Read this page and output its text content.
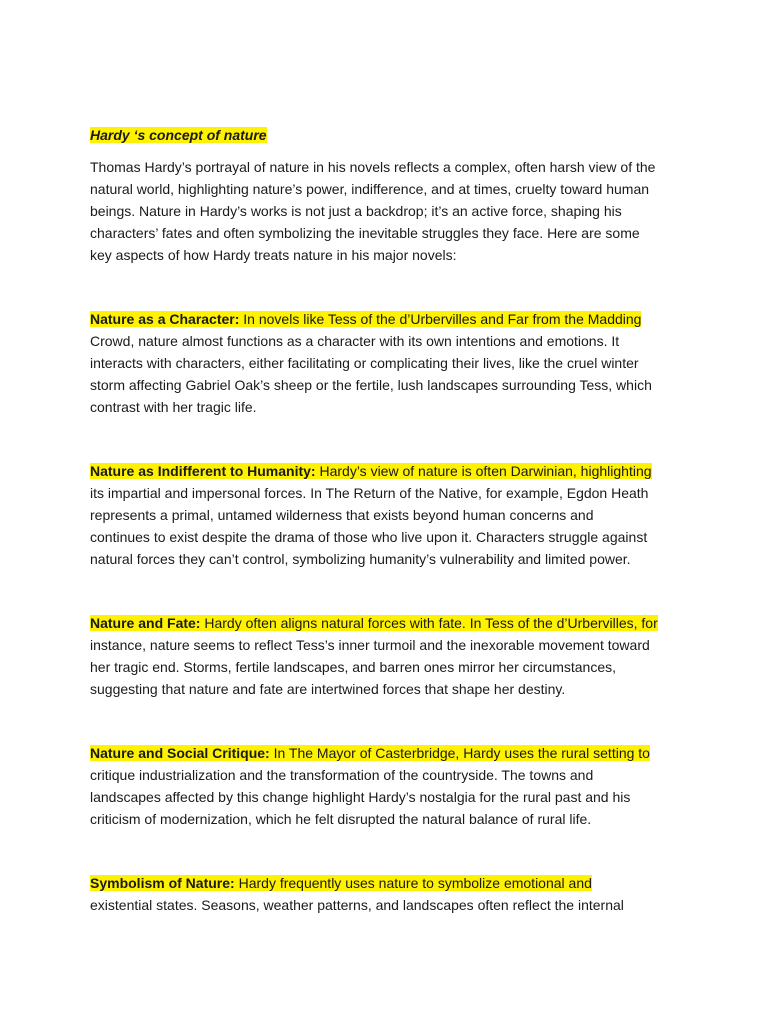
Hardy ‘s concept of nature

Thomas Hardy’s portrayal of nature in his novels reflects a complex, often harsh view of the
natural world, highlighting nature’s power, indifference, and at times, cruelty toward human
beings. Nature in Hardy’s works is not just a backdrop; it’s an active force, shaping his
characters’ fates and often symbolizing the inevitable struggles they face. Here are some
key aspects of how Hardy treats nature in his major novels:
Nature as a Character: In novels like Tess of the d’Urbervilles and Far from the Madding
Crowd, nature almost functions as a character with its own intentions and emotions. It
interacts with characters, either facilitating or complicating their lives, like the cruel winter
storm affecting Gabriel Oak’s sheep or the fertile, lush landscapes surrounding Tess, which
contrast with her tragic life.
Nature as Indifferent to Humanity: Hardy’s view of nature is often Darwinian, highlighting
its impartial and impersonal forces. In The Return of the Native, for example, Egdon Heath
represents a primal, untamed wilderness that exists beyond human concerns and
continues to exist despite the drama of those who live upon it. Characters struggle against
natural forces they can’t control, symbolizing humanity’s vulnerability and limited power.
Nature and Fate: Hardy often aligns natural forces with fate. In Tess of the d’Urbervilles, for
instance, nature seems to reflect Tess’s inner turmoil and the inexorable movement toward
her tragic end. Storms, fertile landscapes, and barren ones mirror her circumstances,
suggesting that nature and fate are intertwined forces that shape her destiny.
Nature and Social Critique: In The Mayor of Casterbridge, Hardy uses the rural setting to
critique industrialization and the transformation of the countryside. The towns and
landscapes affected by this change highlight Hardy’s nostalgia for the rural past and his
criticism of modernization, which he felt disrupted the natural balance of rural life.
Symbolism of Nature: Hardy frequently uses nature to symbolize emotional and
existential states. Seasons, weather patterns, and landscapes often reflect the internal
